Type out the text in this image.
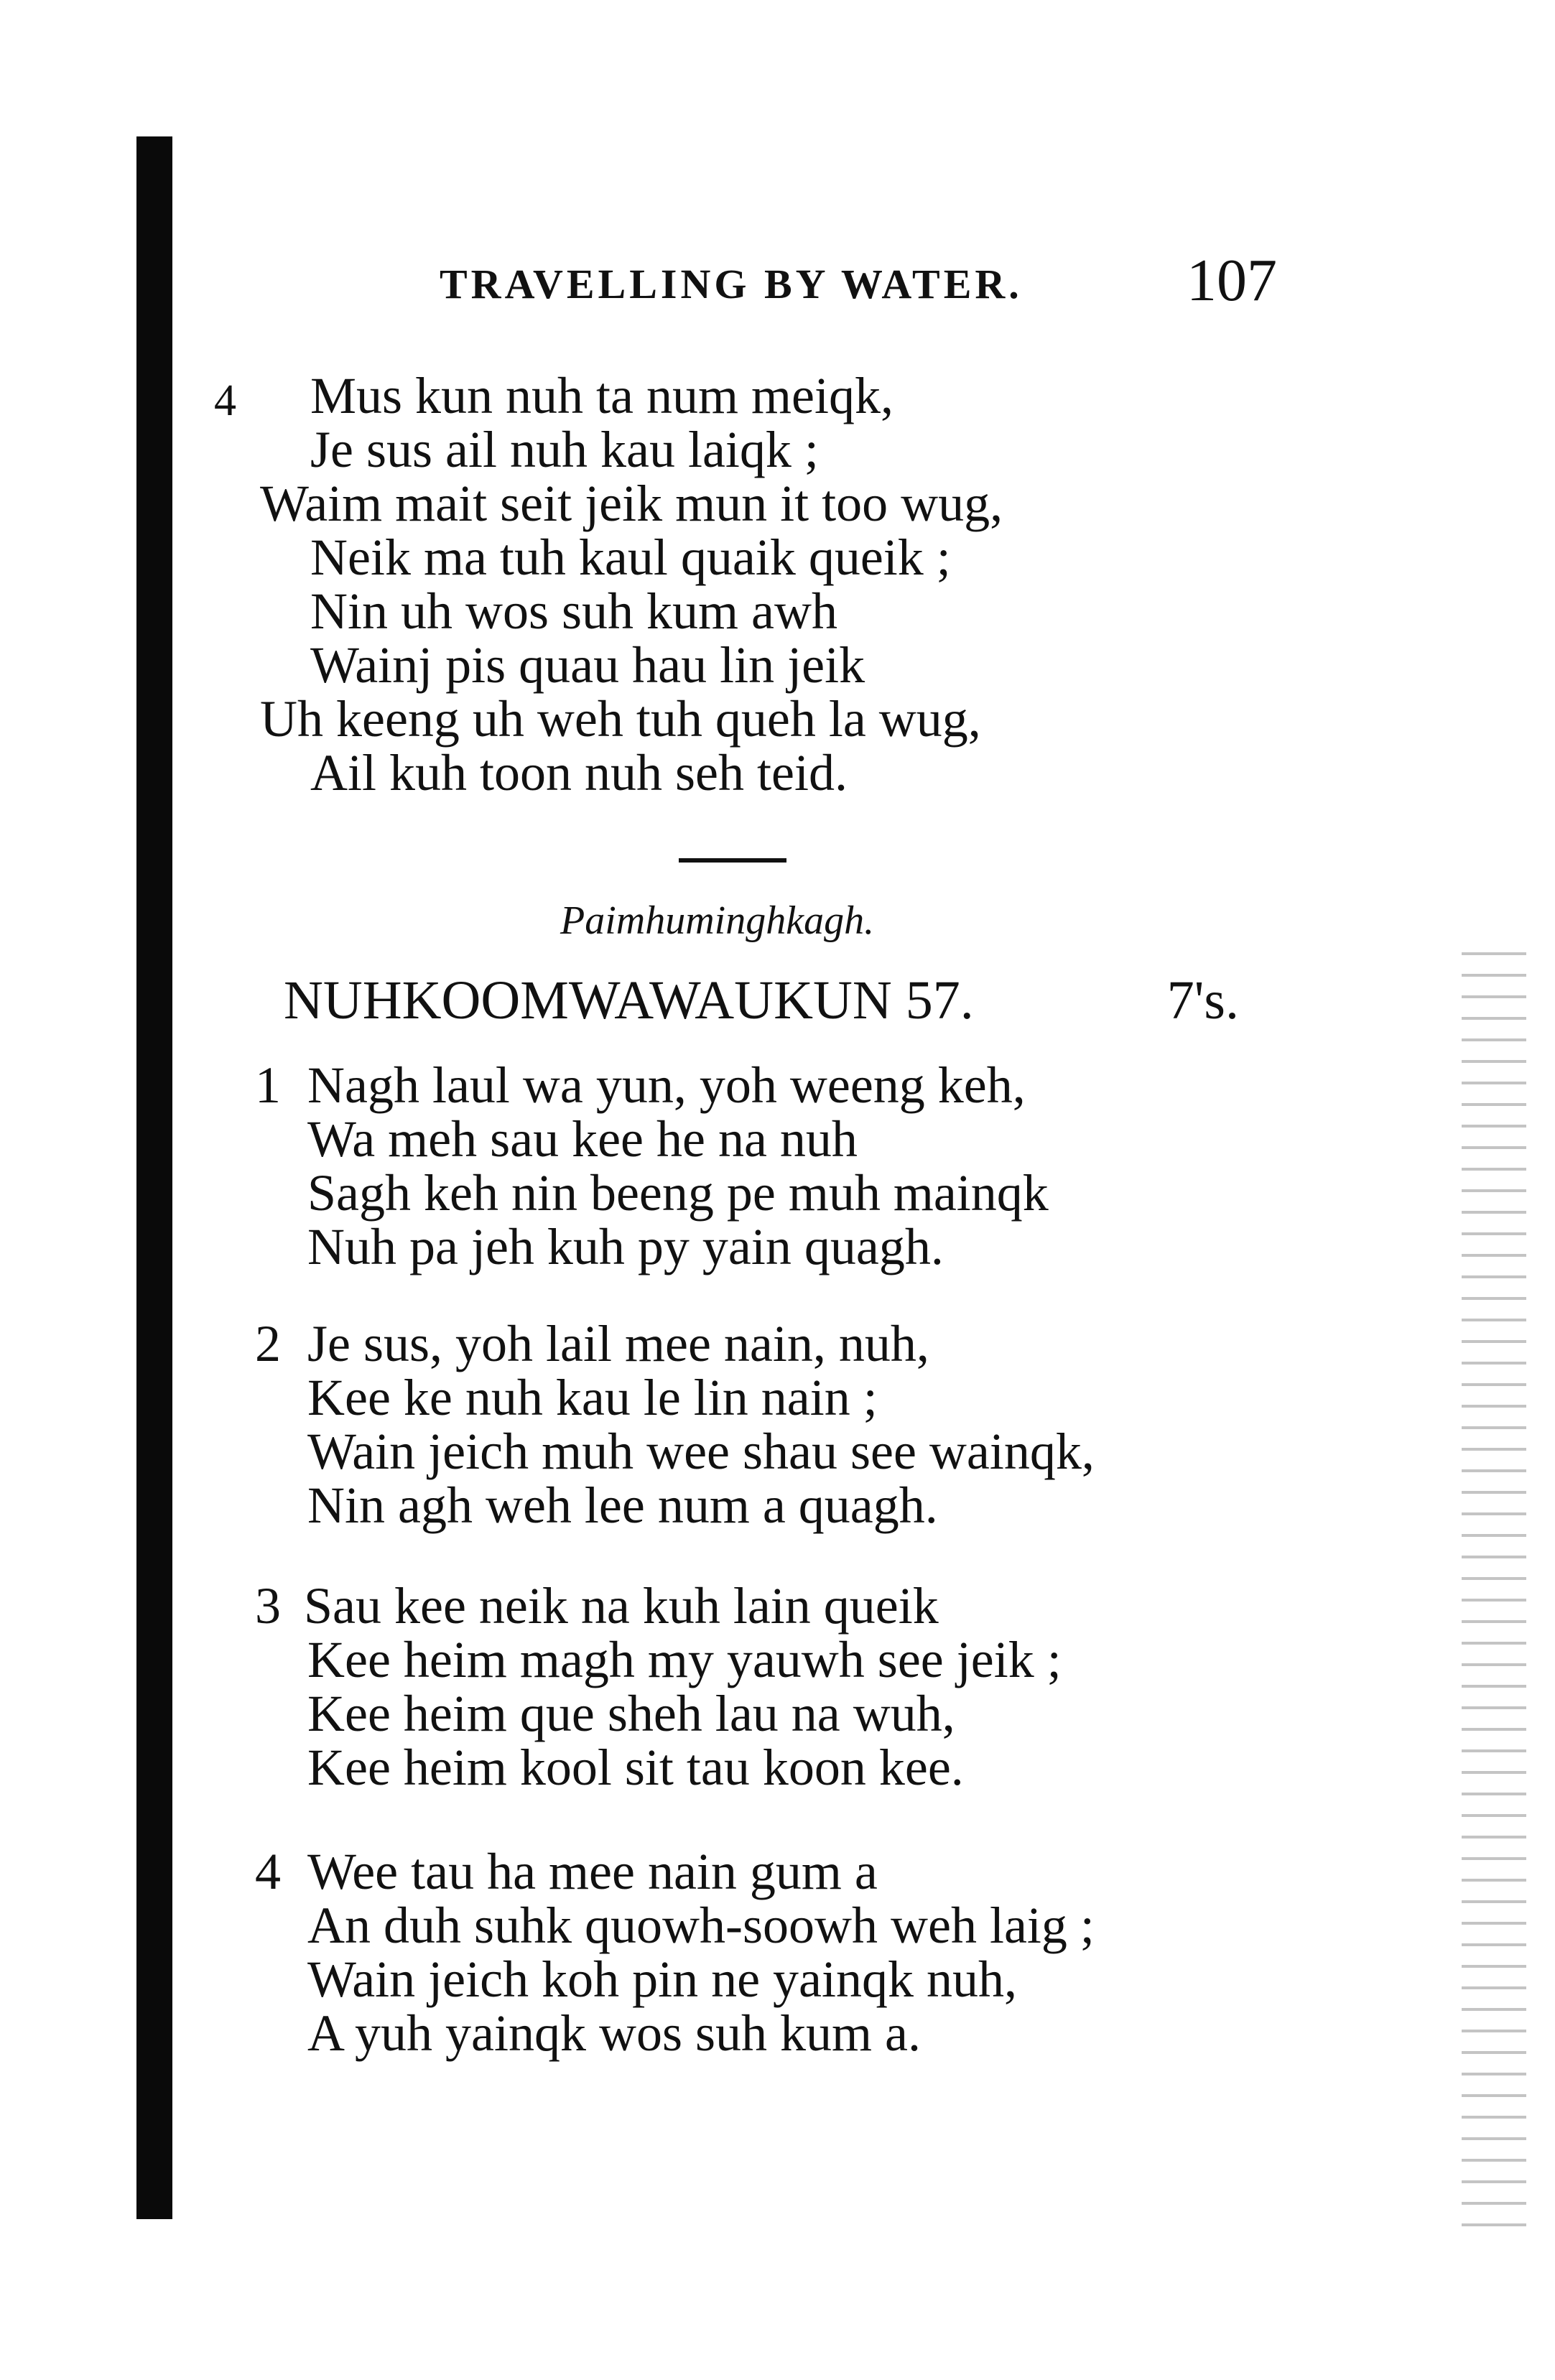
TRAVELLING BY WATER.	107
4 Mus kun nuh ta num meiqk,
Je sus ail nuh kau laiqk ;
Waim mait seit jeik mun it too wug,
Neik ma tuh kaul quaik queik ;
Nin uh wos suh kum awh
Wainj pis quau hau lin jeik
Uh keeng uh weh tuh queh la wug,
Ail kuh toon nuh seh teid.
Paimhuminghkagh.
NUHKOOMWAWAUKUN 57.	7's.
1 Nagh laul wa yun, yoh weeng keh,
Wa meh sau kee he na nuh
Sagh keh nin beeng pe muh mainqk
Nuh pa jeh kuh py yain quagh.
2 Je sus, yoh lail mee nain, nuh,
Kee ke nuh kau le lin nain ;
Wain jeich muh wee shau see wainqk,
Nin agh weh lee num a quagh.
3 Sau kee neik na kuh lain queik
Kee heim magh my yauwh see jeik ;
Kee heim que sheh lau na wuh,
Kee heim kool sit tau koon kee.
4 Wee tau ha mee nain gum a
An duh suhk quowh-soowh weh laig ;
Wain jeich koh pin ne yainqk nuh,
A yuh yainqk wos suh kum a.
